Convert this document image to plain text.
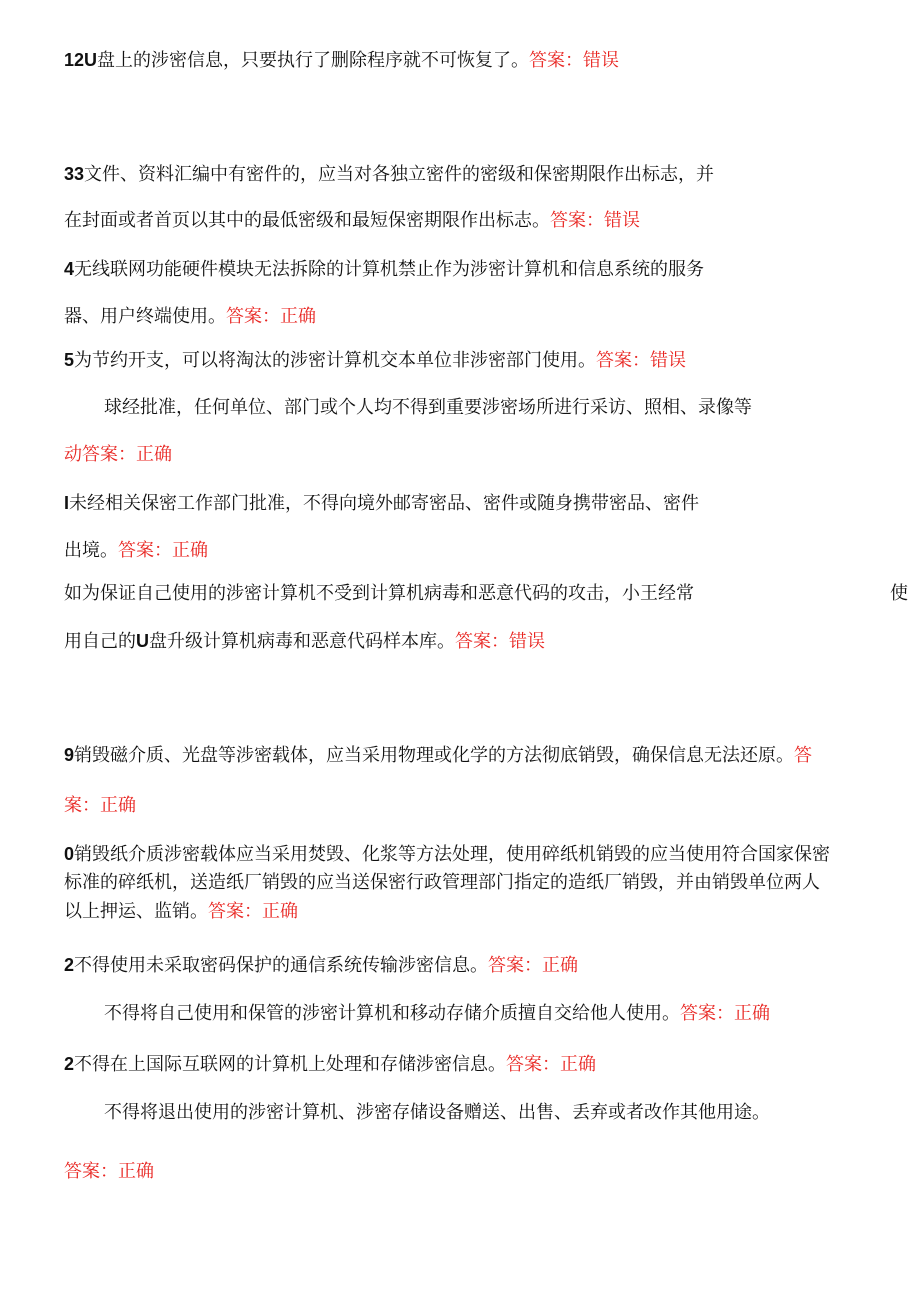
12U盘上的涉密信息，只要执行了删除程序就不可恢复了。答案：错误
33文件、资料汇编中有密件的，应当对各独立密件的密级和保密期限作出标志，并
在封面或者首页以其中的最低密级和最短保密期限作出标志。答案：错误
4无线联网功能硬件模块无法拆除的计算机禁止作为涉密计算机和信息系统的服务
器、用户终端使用。答案：正确
5为节约开支，可以将淘汰的涉密计算机交本单位非涉密部门使用。答案：错误
球经批准，任何单位、部门或个人均不得到重要涉密场所进行采访、照相、录像等
动答案：正确
I未经相关保密工作部门批准，不得向境外邮寄密品、密件或随身携带密品、密件
出境。答案：正确
如为保证自己使用的涉密计算机不受到计算机病毒和恶意代码的攻击，小王经常	使
用自己的U盘升级计算机病毒和恶意代码样本库。答案：错误
9销毁磁介质、光盘等涉密载体，应当采用物理或化学的方法彻底销毁，确保信息无法还原。答
案：正确
0销毁纸介质涉密载体应当采用焚毁、化浆等方法处理，使用碎纸机销毁的应当使用符合国家保密
标准的碎纸机，送造纸厂销毁的应当送保密行政管理部门指定的造纸厂销毁，并由销毁单位两人
以上押运、监销。答案：正确
2不得使用未采取密码保护的通信系统传输涉密信息。答案：正确
不得将自己使用和保管的涉密计算机和移动存储介质擅自交给他人使用。答案：正确
2不得在上国际互联网的计算机上处理和存储涉密信息。答案：正确
不得将退出使用的涉密计算机、涉密存储设备赠送、出售、丢弃或者改作其他用途。
答案：正确
